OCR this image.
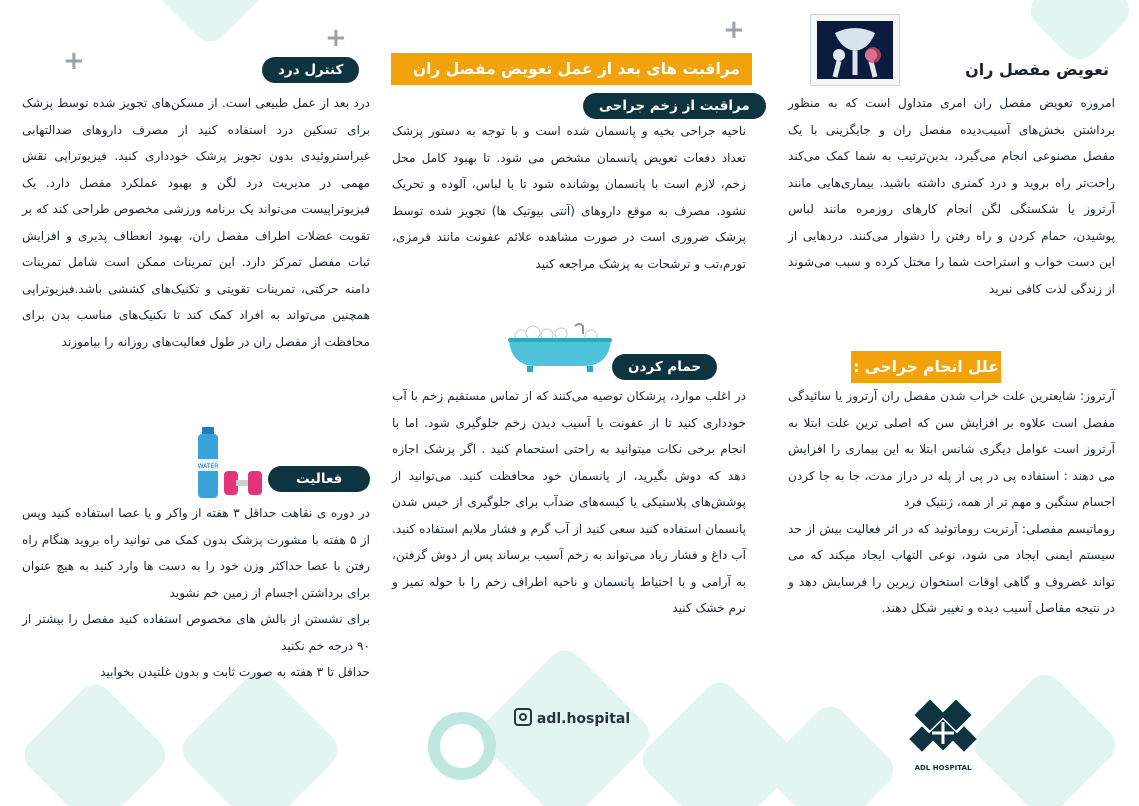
+
+	+
تعویض مفصل ران

امروزه تعویض مفصل ران امری متداول است که به منظور برداشتن بخش‌های آسیب‌دیده مفصل ران و جایگزینی با یک مفصل مصنوعی انجام می‌گیرد، بدین‌ترتیب به شما کمک می‌کند راحت‌تر راه بروید و درد کمتری داشته باشید. بیماری‌هایی مانند آرتروز یا شکستگی لگن انجام کارهای روزمره مانند لباس پوشیدن، حمام کردن و راه رفتن را دشوار می‌کنند. دردهایی از این دست خواب و استراحت شما را مختل کرده و سبب می‌شوند از زندگی لذت کافی نبرید

علل انجام جراحی :

آرتروز: شایعترین علت خراب شدن مفصل ران آرتروز یا سائیدگی مفصل است علاوه بر افزایش سن که اصلی ترین علت ابتلا به آرتروز است عوامل دیگری شانس ابتلا به این بیماری را افزایش می دهند : استفاده پی در پی از پله در دراز مدت، جا به جا کردن اجسام سنگین و مهم تر از همه، ژنتیک فرد
روماتیسم مفصلی: آرتریت روماتوئید که در اثر فعالیت بیش از حد سیستم ایمنی ایجاد می شود، نوعی التهاب ایجاد میکند که می تواند غضروف و گاهی اوقات استخوان زیرین را فرسایش دهد و در نتیجه مفاصل آسیب دیده و تغییر شکل دهند.

ADL HOSPITAL
مراقبت های بعد از عمل تعویض مفصل ران
مراقبت از زخم جراحی

ناحیه جراحی بخیه و پانسمان شده است و با توجه به دستور پزشک تعداد دفعات تعویض پانسمان مشخص می شود. تا بهبود کامل محل زخم، لازم است با پانسمان پوشانده شود تا با لباس، آلوده و تحریک نشود. مصرف به موقع داروهای (آنتی بیوتیک ها) تجویز شده توسط پزشک ضروری است در صورت مشاهده علائم عفونت مانند قرمزی، تورم،تب و ترشحات به پزشک مراجعه کنید

حمام کردن

در اغلب موارد، پزشکان توصیه می‌کنند که از تماس مستقیم زخم با آب خودداری کنید تا از عفونت یا آسیب دیدن زخم جلوگیری شود. اما با انجام برخی نکات میتوانید به راحتی استحمام کنید . اگر پزشک اجازه دهد که دوش بگیرید، از پانسمان خود محافظت کنید. می‌توانید از پوشش‌های پلاستیکی یا کیسه‌های ضدآب برای جلوگیری از خیس شدن پانسمان استفاده کنید سعی کنید از آب گرم و فشار ملایم استفاده کنید. آب داغ و فشار زیاد می‌تواند به زخم آسیب برساند پس از دوش گرفتن، به آرامی و با احتیاط پانسمان و ناحیه اطراف زخم را با حوله تمیز و نرم خشک کنید

adl.hospital
کنترل درد

درد بعد از عمل طبیعی است. از مسکن‌های تجویز شده توسط پزشک برای تسکین درد استفاده کنید از مصرف داروهای ضدالتهابی غیراستروئیدی بدون تجویز پزشک خودداری کنید. فیزیوتراپی نقش مهمی در مدیریت درد لگن و بهبود عملکرد مفصل دارد. یک فیزیوتراپیست می‌تواند یک برنامه ورزشی مخصوص طراحی کند که بر تقویت عضلات اطراف مفصل ران، بهبود انعطاف پذیری و افزایش ثبات مفصل تمرکز دارد. این تمرینات ممکن است شامل تمرینات دامنه حرکتی، تمرینات تقویتی و تکنیک‌های کششی باشد.فیزیوتراپی همچنین می‌تواند به افراد کمک کند تا تکنیک‌های مناسب بدن برای محافظت از مفصل ران در طول فعالیت‌های روزانه را بیاموزند

WATER
فعالیت

در دوره ی نقاهت حداقل ۳ هفته از واکر و یا عصا استفاده کنید وپس از ۵ هفته با مشورت پزشک بدون کمک می توانید راه بروید هنگام راه رفتن با عصا حداکثر وزن خود را به دست ها وارد کنید به هیچ عنوان برای برداشتن اجسام از زمین خم نشوید
برای نشستن از بالش های مخصوص استفاده کنید مفصل را بیشتر از ۹۰ درجه خم نکنید
حداقل تا ۳ هفته به صورت ثابت و بدون غلتیدن بخوابید
